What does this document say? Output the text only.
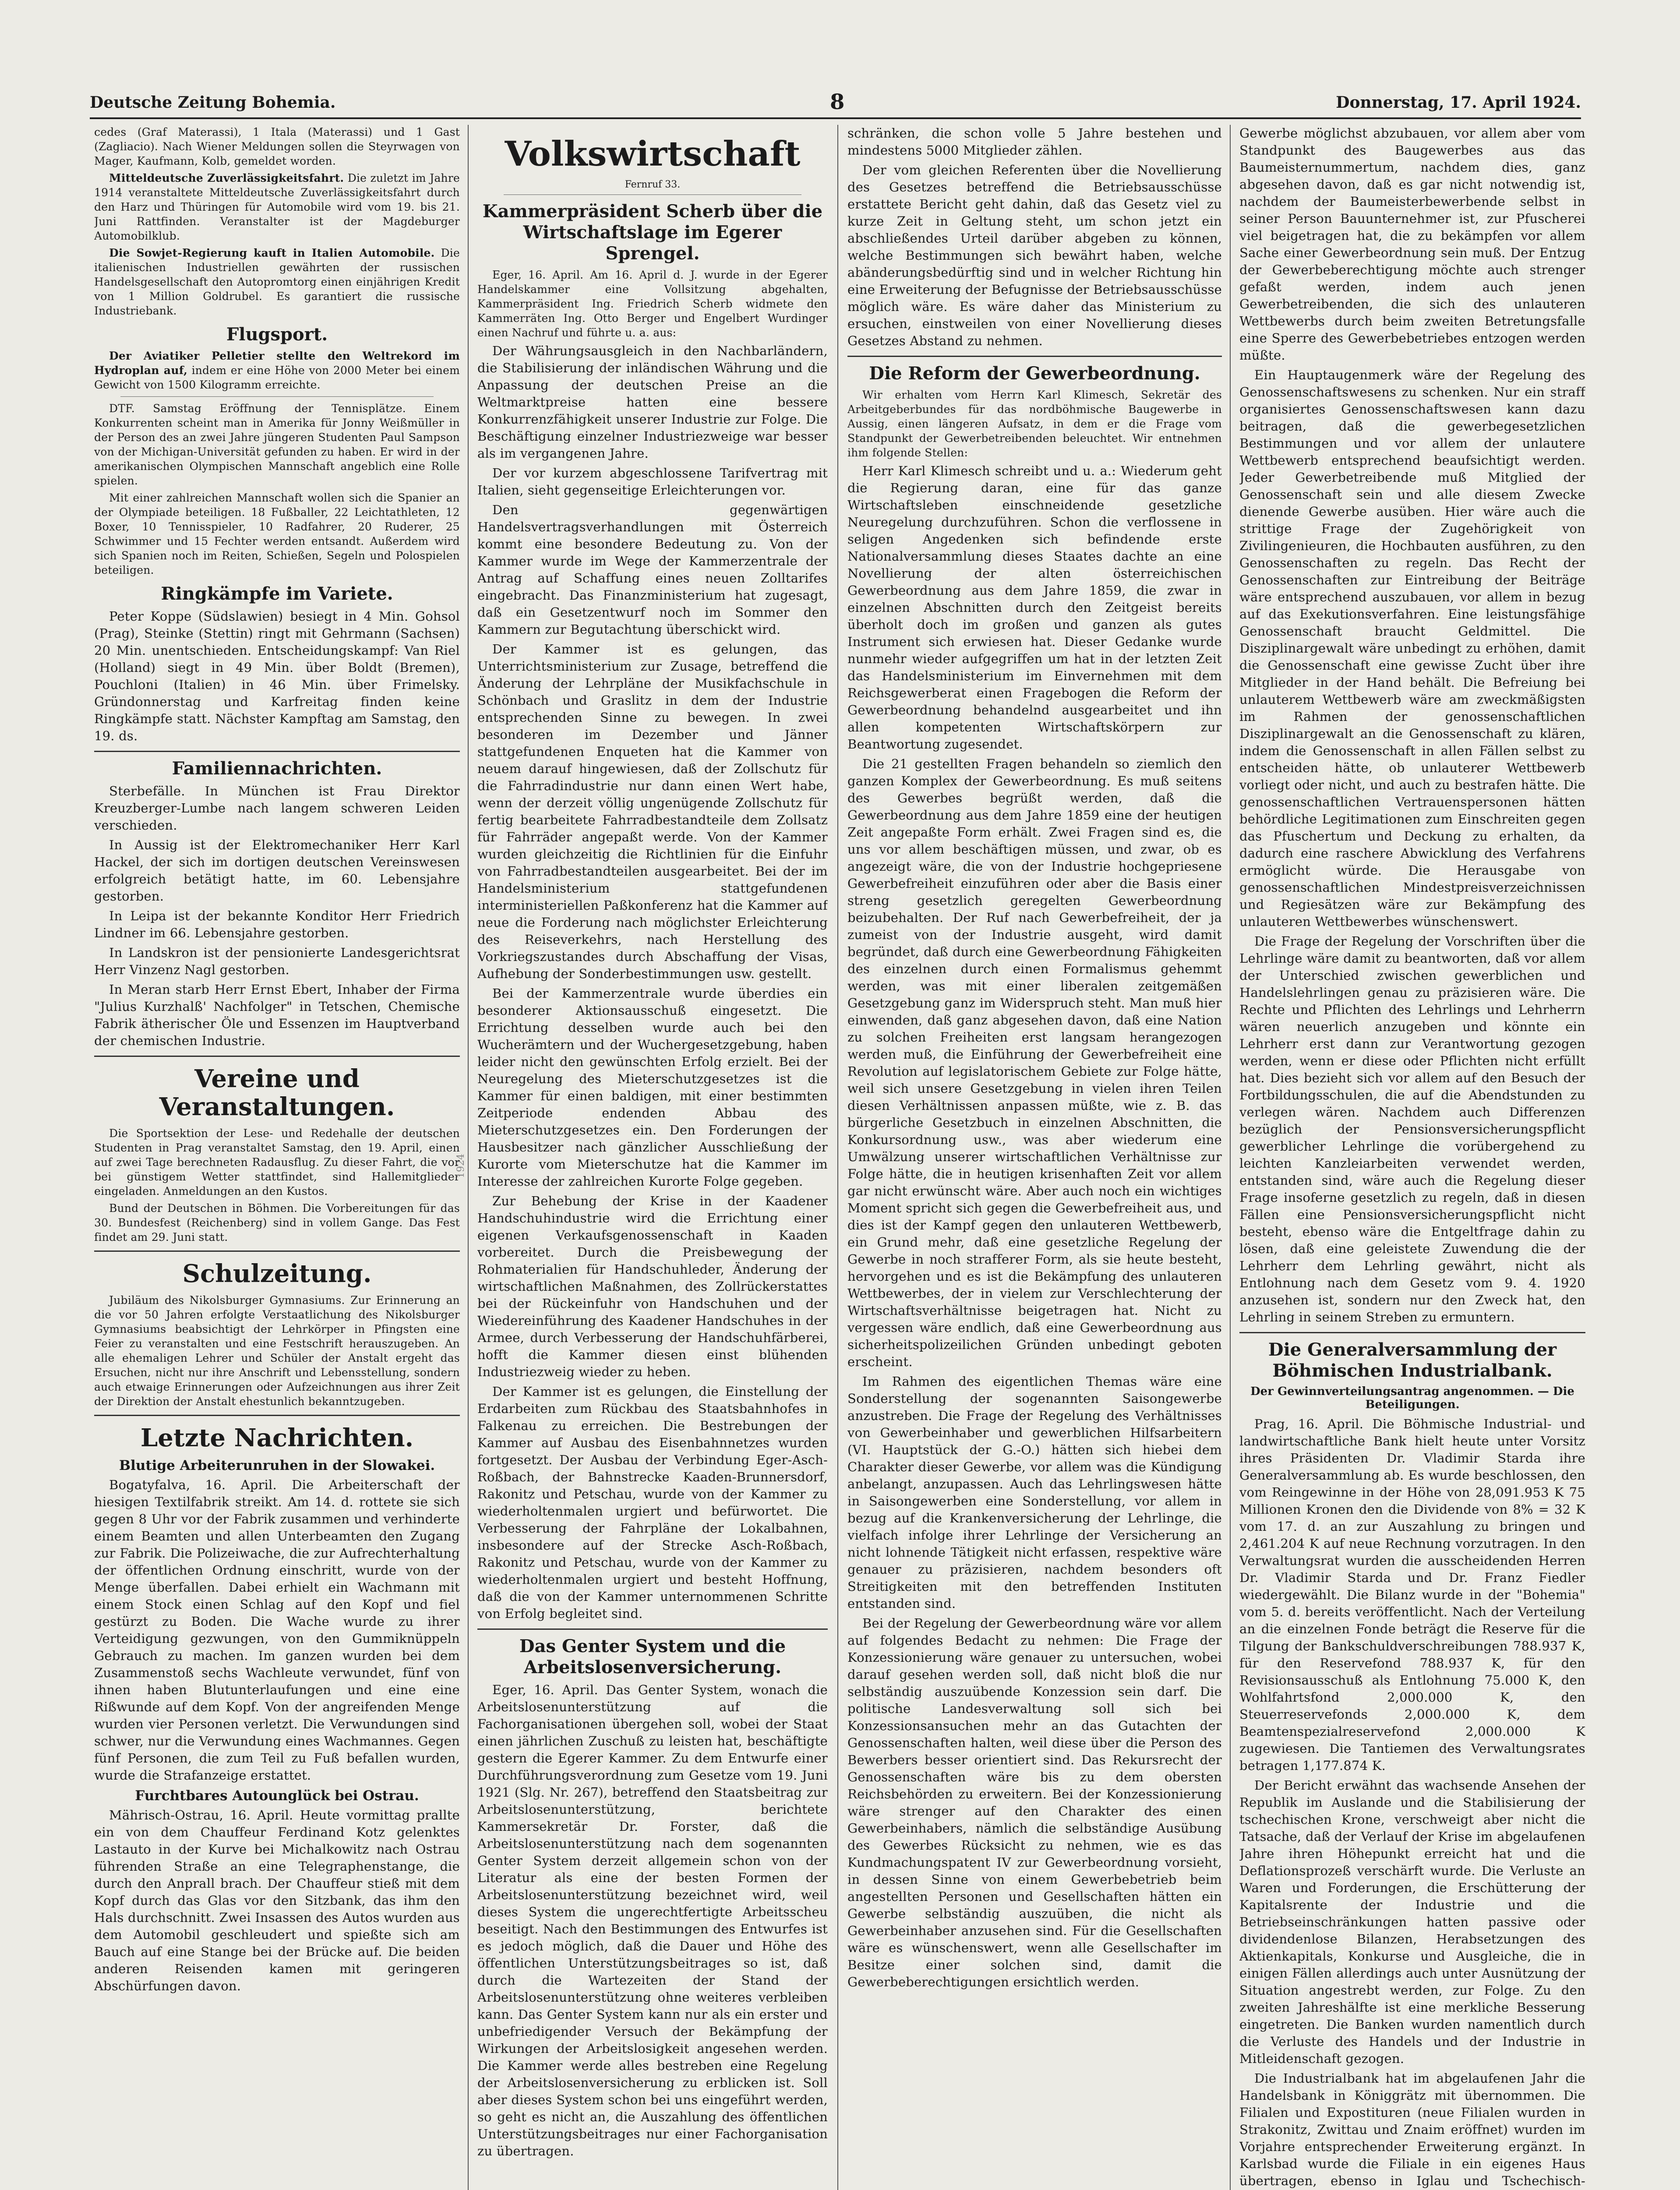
Deutsche Zeitung Bohemia.	8	Donnerstag, 17. April 1924.

cedes (Graf Materassi), 1 Itala (Materassi) und 1 Gast (Zagliacio). Nach Wiener Meldungen sollen die Steyrwagen von Mager, Kaufmann, Kolb, gemeldet worden.

Mitteldeutsche Zuverlässigkeitsfahrt. Die zuletzt im Jahre 1914 veranstaltete Mitteldeutsche Zuverlässigkeitsfahrt durch den Harz und Thüringen für Automobile wird vom 19. bis 21. Juni Rattfinden. Veranstalter ist der Magdeburger Automobilklub.

Die Sowjet-Regierung kauft in Italien Automobile. Die italienischen Industriellen gewährten der russischen Handelsgesellschaft den Autopromtorg einen einjährigen Kredit von 1 Million Goldrubel. Es garantiert die russische Industriebank.

Flugsport.

Der Aviatiker Pelletier stellte den Weltrekord im Hydroplan auf, indem er eine Höhe von 2000 Meter bei einem Gewicht von 1500 Kilogramm erreichte.

DTF. Samstag Eröffnung der Tennisplätze. Einem Konkurrenten scheint man in Amerika für Jonny Weißmüller in der Person des an zwei Jahre jüngeren Studenten Paul Sampson von der Michigan-Universität gefunden zu haben. Er wird in der amerikanischen Olympischen Mannschaft angeblich eine Rolle spielen.

Mit einer zahlreichen Mannschaft wollen sich die Spanier an der Olympiade beteiligen. 18 Fußballer, 22 Leichtathleten, 12 Boxer, 10 Tennisspieler, 10 Radfahrer, 20 Ruderer, 25 Schwimmer und 15 Fechter werden entsandt. Außerdem wird sich Spanien noch im Reiten, Schießen, Segeln und Polospielen beteiligen.

Ringkämpfe im Variete.

Peter Koppe (Südslawien) besiegt in 4 Min. Gohsol (Prag), Steinke (Stettin) ringt mit Gehrmann (Sachsen) 20 Min. unentschieden. Entscheidungskampf: Van Riel (Holland) siegt in 49 Min. über Boldt (Bremen), Pouchloni (Italien) in 46 Min. über Frimelsky. Gründonnerstag und Karfreitag finden keine Ringkämpfe statt. Nächster Kampftag am Samstag, den 19. ds.

Familiennachrichten.

Sterbefälle. In München ist Frau Direktor Kreuzberger-Lumbe nach langem schweren Leiden verschieden.

In Aussig ist der Elektromechaniker Herr Karl Hackel, der sich im dortigen deutschen Vereinswesen erfolgreich betätigt hatte, im 60. Lebensjahre gestorben.

In Leipa ist der bekannte Konditor Herr Friedrich Lindner im 66. Lebensjahre gestorben.

In Landskron ist der pensionierte Landesgerichtsrat Herr Vinzenz Nagl gestorben.

In Meran starb Herr Ernst Ebert, Inhaber der Firma "Julius Kurzhalß' Nachfolger" in Tetschen, Chemische Fabrik ätherischer Öle und Essenzen im Hauptverband der chemischen Industrie.

Vereine und Veranstaltungen.

Die Sportsektion der Lese- und Redehalle der deutschen Studenten in Prag veranstaltet Samstag, den 19. April, einen auf zwei Tage berechneten Radausflug. Zu dieser Fahrt, die vor bei günstigem Wetter stattfindet, sind Hallemitglieder eingeladen. Anmeldungen an den Kustos.

Bund der Deutschen in Böhmen. Die Vorbereitungen für das 30. Bundesfest (Reichenberg) sind in vollem Gange. Das Fest findet am 29. Juni statt.

Schulzeitung.

Jubiläum des Nikolsburger Gymnasiums. Zur Erinnerung an die vor 50 Jahren erfolgte Verstaatlichung des Nikolsburger Gymnasiums beabsichtigt der Lehrkörper in Pfingsten eine Feier zu veranstalten und eine Festschrift herauszugeben. An alle ehemaligen Lehrer und Schüler der Anstalt ergeht das Ersuchen, nicht nur ihre Anschrift und Lebensstellung, sondern auch etwaige Erinnerungen oder Aufzeichnungen aus ihrer Zeit der Direktion der Anstalt ehestunlich bekanntzugeben.

Letzte Nachrichten.
Blutige Arbeiterunruhen in der Slowakei.

Bogatyfalva, 16. April. Die Arbeiterschaft der hiesigen Textilfabrik streikt. Am 14. d. rottete sie sich gegen 8 Uhr vor der Fabrik zusammen und verhinderte einem Beamten und allen Unterbeamten den Zugang zur Fabrik. Die Polizeiwache, die zur Aufrechterhaltung der öffentlichen Ordnung einschritt, wurde von der Menge überfallen. Dabei erhielt ein Wachmann mit einem Stock einen Schlag auf den Kopf und fiel gestürzt zu Boden. Die Wache wurde zu ihrer Verteidigung gezwungen, von den Gummiknüppeln Gebrauch zu machen. Im ganzen wurden bei dem Zusammenstoß sechs Wachleute verwundet, fünf von ihnen haben Blutunterlaufungen und eine eine Rißwunde auf dem Kopf. Von der angreifenden Menge wurden vier Personen verletzt. Die Verwundungen sind schwer, nur die Verwundung eines Wachmannes. Gegen fünf Personen, die zum Teil zu Fuß befallen wurden, wurde die Strafanzeige erstattet.

Furchtbares Autounglück bei Ostrau.

Mährisch-Ostrau, 16. April. Heute vormittag prallte ein von dem Chauffeur Ferdinand Kotz gelenktes Lastauto in der Kurve bei Michalkowitz nach Ostrau führenden Straße an eine Telegraphenstange, die durch den Anprall brach. Der Chauffeur stieß mit dem Kopf durch das Glas vor den Sitzbank, das ihm den Hals durchschnitt. Zwei Insassen des Autos wurden aus dem Automobil geschleudert und spießte sich am Bauch auf eine Stange bei der Brücke auf. Die beiden anderen Reisenden kamen mit geringeren Abschürfungen davon.

Volkswirtschaft
Fernruf 33.
Kammerpräsident Scherb über die Wirtschaftslage im Egerer Sprengel.

Eger, 16. April. Am 16. April d. J. wurde in der Egerer Handelskammer eine Vollsitzung abgehalten, Kammerpräsident Ing. Friedrich Scherb widmete den Kammerräten Ing. Otto Berger und Engelbert Wurdinger einen Nachruf und führte u. a. aus:

Der Währungsausgleich in den Nachbarländern, die Stabilisierung der inländischen Währung und die Anpassung der deutschen Preise an die Weltmarktpreise hatten eine bessere Konkurrenzfähigkeit unserer Industrie zur Folge. Die Beschäftigung einzelner Industriezweige war besser als im vergangenen Jahre.

Der vor kurzem abgeschlossene Tarifvertrag mit Italien, sieht gegenseitige Erleichterungen vor.

Den gegenwärtigen Handelsvertragsverhandlungen mit Österreich kommt eine besondere Bedeutung zu. Von der Kammer wurde im Wege der Kammerzentrale der Antrag auf Schaffung eines neuen Zolltarifes eingebracht. Das Finanzministerium hat zugesagt, daß ein Gesetzentwurf noch im Sommer den Kammern zur Begutachtung überschickt wird.

Der Kammer ist es gelungen, das Unterrichtsministerium zur Zusage, betreffend die Änderung der Lehrpläne der Musikfachschule in Schönbach und Graslitz in dem der Industrie entsprechenden Sinne zu bewegen. In zwei besonderen im Dezember und Jänner stattgefundenen Enqueten hat die Kammer von neuem darauf hingewiesen, daß der Zollschutz für die Fahrradindustrie nur dann einen Wert habe, wenn der derzeit völlig ungenügende Zollschutz für fertig bearbeitete Fahrradbestandteile dem Zollsatz für Fahrräder angepaßt werde. Von der Kammer wurden gleichzeitig die Richtlinien für die Einfuhr von Fahrradbestandteilen ausgearbeitet. Bei der im Handelsministerium stattgefundenen interministeriellen Paßkonferenz hat die Kammer auf neue die Forderung nach möglichster Erleichterung des Reiseverkehrs, nach Herstellung des Vorkriegszustandes durch Abschaffung der Visas, Aufhebung der Sonderbestimmungen usw. gestellt.

Bei der Kammerzentrale wurde überdies ein besonderer Aktionsausschuß eingesetzt. Die Errichtung desselben wurde auch bei den Wucherämtern und der Wuchergesetzgebung, haben leider nicht den gewünschten Erfolg erzielt. Bei der Neuregelung des Mieterschutzgesetzes ist die Kammer für einen baldigen, mit einer bestimmten Zeitperiode endenden Abbau des Mieterschutzgesetzes ein. Den Forderungen der Hausbesitzer nach gänzlicher Ausschließung der Kurorte vom Mieterschutze hat die Kammer im Interesse der zahlreichen Kurorte Folge gegeben.

Zur Behebung der Krise in der Kaadener Handschuhindustrie wird die Errichtung einer eigenen Verkaufsgenossenschaft in Kaaden vorbereitet. Durch die Preisbewegung der Rohmaterialien für Handschuhleder, Änderung der wirtschaftlichen Maßnahmen, des Zollrückerstattes bei der Rückeinfuhr von Handschuhen und der Wiedereinführung des Kaadener Handschuhes in der Armee, durch Verbesserung der Handschuhfärberei, hofft die Kammer diesen einst blühenden Industriezweig wieder zu heben.

Der Kammer ist es gelungen, die Einstellung der Erdarbeiten zum Rückbau des Staatsbahnhofes in Falkenau zu erreichen. Die Bestrebungen der Kammer auf Ausbau des Eisenbahnnetzes wurden fortgesetzt. Der Ausbau der Verbindung Eger-Asch-Roßbach, der Bahnstrecke Kaaden-Brunnersdorf, Rakonitz und Petschau, wurde von der Kammer zu wiederholtenmalen urgiert und befürwortet. Die Verbesserung der Fahrpläne der Lokalbahnen, insbesondere auf der Strecke Asch-Roßbach, Rakonitz und Petschau, wurde von der Kammer zu wiederholtenmalen urgiert und besteht Hoffnung, daß die von der Kammer unternommenen Schritte von Erfolg begleitet sind.

Das Genter System und die Arbeitslosenversicherung.

Eger, 16. April. Das Genter System, wonach die Arbeitslosenunterstützung auf die Fachorganisationen übergehen soll, wobei der Staat einen jährlichen Zuschuß zu leisten hat, beschäftigte gestern die Egerer Kammer. Zu dem Entwurfe einer Durchführungsverordnung zum Gesetze vom 19. Juni 1921 (Slg. Nr. 267), betreffend den Staatsbeitrag zur Arbeitslosenunterstützung, berichtete Kammersekretär Dr. Forster, daß die Arbeitslosenunterstützung nach dem sogenannten Genter System derzeit allgemein schon von der Literatur als eine der besten Formen der Arbeitslosenunterstützung bezeichnet wird, weil dieses System die ungerechtfertigte Arbeitsscheu beseitigt. Nach den Bestimmungen des Entwurfes ist es jedoch möglich, daß die Dauer und Höhe des öffentlichen Unterstützungsbeitrages so ist, daß durch die Wartezeiten der Stand der Arbeitslosenunterstützung ohne weiteres verbleiben kann. Das Genter System kann nur als ein erster und unbefriedigender Versuch der Bekämpfung der Wirkungen der Arbeitslosigkeit angesehen werden. Die Kammer werde alles bestreben eine Regelung der Arbeitslosenversicherung zu erblicken ist. Soll aber dieses System schon bei uns eingeführt werden, so geht es nicht an, die Auszahlung des öffentlichen Unterstützungsbeitrages nur einer Fachorganisation zu übertragen.

1924

schränken, die schon volle 5 Jahre bestehen und mindestens 5000 Mitglieder zählen.

Der vom gleichen Referenten über die Novellierung des Gesetzes betreffend die Betriebsausschüsse erstattete Bericht geht dahin, daß das Gesetz viel zu kurze Zeit in Geltung steht, um schon jetzt ein abschließendes Urteil darüber abgeben zu können, welche Bestimmungen sich bewährt haben, welche abänderungsbedürftig sind und in welcher Richtung hin eine Erweiterung der Befugnisse der Betriebsausschüsse möglich wäre. Es wäre daher das Ministerium zu ersuchen, einstweilen von einer Novellierung dieses Gesetzes Abstand zu nehmen.

Die Reform der Gewerbeordnung.

Wir erhalten vom Herrn Karl Klimesch, Sekretär des Arbeitgeberbundes für das nordböhmische Baugewerbe in Aussig, einen längeren Aufsatz, in dem er die Frage vom Standpunkt der Gewerbetreibenden beleuchtet. Wir entnehmen ihm folgende Stellen:

Herr Karl Klimesch schreibt und u. a.: Wiederum geht die Regierung daran, eine für das ganze Wirtschaftsleben einschneidende gesetzliche Neuregelung durchzuführen. Schon die verflossene in seligen Angedenken sich befindende erste Nationalversammlung dieses Staates dachte an eine Novellierung der alten österreichischen Gewerbeordnung aus dem Jahre 1859, die zwar in einzelnen Abschnitten durch den Zeitgeist bereits überholt doch im großen und ganzen als gutes Instrument sich erwiesen hat. Dieser Gedanke wurde nunmehr wieder aufgegriffen um hat in der letzten Zeit das Handelsministerium im Einvernehmen mit dem Reichsgewerberat einen Fragebogen die Reform der Gewerbeordnung behandelnd ausgearbeitet und ihn allen kompetenten Wirtschaftskörpern zur Beantwortung zugesendet.

Die 21 gestellten Fragen behandeln so ziemlich den ganzen Komplex der Gewerbeordnung. Es muß seitens des Gewerbes begrüßt werden, daß die Gewerbeordnung aus dem Jahre 1859 eine der heutigen Zeit angepaßte Form erhält. Zwei Fragen sind es, die uns vor allem beschäftigen müssen, und zwar, ob es angezeigt wäre, die von der Industrie hochgepriesene Gewerbefreiheit einzuführen oder aber die Basis einer streng gesetzlich geregelten Gewerbeordnung beizubehalten. Der Ruf nach Gewerbefreiheit, der ja zumeist von der Industrie ausgeht, wird damit begründet, daß durch eine Gewerbeordnung Fähigkeiten des einzelnen durch einen Formalismus gehemmt werden, was mit einer liberalen zeitgemäßen Gesetzgebung ganz im Widerspruch steht. Man muß hier einwenden, daß ganz abgesehen davon, daß eine Nation zu solchen Freiheiten erst langsam herangezogen werden muß, die Einführung der Gewerbefreiheit eine Revolution auf legislatorischem Gebiete zur Folge hätte, weil sich unsere Gesetzgebung in vielen ihren Teilen diesen Verhältnissen anpassen müßte, wie z. B. das bürgerliche Gesetzbuch in einzelnen Abschnitten, die Konkursordnung usw., was aber wiederum eine Umwälzung unserer wirtschaftlichen Verhältnisse zur Folge hätte, die in heutigen krisenhaften Zeit vor allem gar nicht erwünscht wäre. Aber auch noch ein wichtiges Moment spricht sich gegen die Gewerbefreiheit aus, und dies ist der Kampf gegen den unlauteren Wettbewerb, ein Grund mehr, daß eine gesetzliche Regelung der Gewerbe in noch strafferer Form, als sie heute besteht, hervorgehen und es ist die Bekämpfung des unlauteren Wettbewerbes, der in vielem zur Verschlechterung der Wirtschaftsverhältnisse beigetragen hat. Nicht zu vergessen wäre endlich, daß eine Gewerbeordnung aus sicherheitspolizeilichen Gründen unbedingt geboten erscheint.

Im Rahmen des eigentlichen Themas wäre eine Sonderstellung der sogenannten Saisongewerbe anzustreben. Die Frage der Regelung des Verhältnisses von Gewerbeinhaber und gewerblichen Hilfsarbeitern (VI. Hauptstück der G.-O.) hätten sich hiebei dem Charakter dieser Gewerbe, vor allem was die Kündigung anbelangt, anzupassen. Auch das Lehrlingswesen hätte in Saisongewerben eine Sonderstellung, vor allem in bezug auf die Krankenversicherung der Lehrlinge, die vielfach infolge ihrer Lehrlinge der Versicherung an nicht lohnende Tätigkeit nicht erfassen, respektive wäre genauer zu präzisieren, nachdem besonders oft Streitigkeiten mit den betreffenden Instituten entstanden sind.

Bei der Regelung der Gewerbeordnung wäre vor allem auf folgendes Bedacht zu nehmen: Die Frage der Konzessionierung wäre genauer zu untersuchen, wobei darauf gesehen werden soll, daß nicht bloß die nur selbständig auszuübende Konzession sein darf. Die politische Landesverwaltung soll sich bei Konzessionsansuchen mehr an das Gutachten der Genossenschaften halten, weil diese über die Person des Bewerbers besser orientiert sind. Das Rekursrecht der Genossenschaften wäre bis zu dem obersten Reichsbehörden zu erweitern. Bei der Konzessionierung wäre strenger auf den Charakter des einen Gewerbeinhabers, nämlich die selbständige Ausübung des Gewerbes Rücksicht zu nehmen, wie es das Kundmachungspatent IV zur Gewerbeordnung vorsieht, in dessen Sinne von einem Gewerbebetrieb beim angestellten Personen und Gesellschaften hätten ein Gewerbe selbständig auszuüben, die nicht als Gewerbeinhaber anzusehen sind. Für die Gesellschaften wäre es wünschenswert, wenn alle Gesellschafter im Besitze einer solchen sind, damit die Gewerbeberechtigungen ersichtlich werden.

Gewerbe möglichst abzubauen, vor allem aber vom Standpunkt des Baugewerbes aus das Baumeisternummertum, nachdem dies, ganz abgesehen davon, daß es gar nicht notwendig ist, nachdem der Baumeisterbewerbende selbst in seiner Person Bauunternehmer ist, zur Pfuscherei viel beigetragen hat, die zu bekämpfen vor allem Sache einer Gewerbeordnung sein muß. Der Entzug der Gewerbeberechtigung möchte auch strenger gefaßt werden, indem auch jenen Gewerbetreibenden, die sich des unlauteren Wettbewerbs durch beim zweiten Betretungsfalle eine Sperre des Gewerbebetriebes entzogen werden müßte.

Ein Hauptaugenmerk wäre der Regelung des Genossenschaftswesens zu schenken. Nur ein straff organisiertes Genossenschaftswesen kann dazu beitragen, daß die gewerbegesetzlichen Bestimmungen und vor allem der unlautere Wettbewerb entsprechend beaufsichtigt werden. Jeder Gewerbetreibende muß Mitglied der Genossenschaft sein und alle diesem Zwecke dienende Gewerbe ausüben. Hier wäre auch die strittige Frage der Zugehörigkeit von Zivilingenieuren, die Hochbauten ausführen, zu den Genossenschaften zu regeln. Das Recht der Genossenschaften zur Eintreibung der Beiträge wäre entsprechend auszubauen, vor allem in bezug auf das Exekutionsverfahren. Eine leistungsfähige Genossenschaft braucht Geldmittel. Die Disziplinargewalt wäre unbedingt zu erhöhen, damit die Genossenschaft eine gewisse Zucht über ihre Mitglieder in der Hand behält. Die Befreiung bei unlauterem Wettbewerb wäre am zweckmäßigsten im Rahmen der genossenschaftlichen Disziplinargewalt an die Genossenschaft zu klären, indem die Genossenschaft in allen Fällen selbst zu entscheiden hätte, ob unlauterer Wettbewerb vorliegt oder nicht, und auch zu bestrafen hätte. Die genossenschaftlichen Vertrauenspersonen hätten behördliche Legitimationen zum Einschreiten gegen das Pfuschertum und Deckung zu erhalten, da dadurch eine raschere Abwicklung des Verfahrens ermöglicht würde. Die Herausgabe von genossenschaftlichen Mindestpreisverzeichnissen und Regiesätzen wäre zur Bekämpfung des unlauteren Wettbewerbes wünschenswert.

Die Frage der Regelung der Vorschriften über die Lehrlinge wäre damit zu beantworten, daß vor allem der Unterschied zwischen gewerblichen und Handelslehrlingen genau zu präzisieren wäre. Die Rechte und Pflichten des Lehrlings und Lehrherrn wären neuerlich anzugeben und könnte ein Lehrherr erst dann zur Verantwortung gezogen werden, wenn er diese oder Pflichten nicht erfüllt hat. Dies bezieht sich vor allem auf den Besuch der Fortbildungsschulen, die auf die Abendstunden zu verlegen wären. Nachdem auch Differenzen bezüglich der Pensionsversicherungspflicht gewerblicher Lehrlinge die vorübergehend zu leichten Kanzleiarbeiten verwendet werden, entstanden sind, wäre auch die Regelung dieser Frage insoferne gesetzlich zu regeln, daß in diesen Fällen eine Pensionsversicherungspflicht nicht besteht, ebenso wäre die Entgeltfrage dahin zu lösen, daß eine geleistete Zuwendung die der Lehrherr dem Lehrling gewährt, nicht als Entlohnung nach dem Gesetz vom 9. 4. 1920 anzusehen ist, sondern nur den Zweck hat, den Lehrling in seinem Streben zu ermuntern.

Die Generalversammlung der Böhmischen Industrialbank.
Der Gewinnverteilungsantrag angenommen. — Die Beteiligungen.

Prag, 16. April. Die Böhmische Industrial- und landwirtschaftliche Bank hielt heute unter Vorsitz ihres Präsidenten Dr. Vladimir Starda ihre Generalversammlung ab. Es wurde beschlossen, den vom Reingewinne in der Höhe von 28,091.953 K 75 Millionen Kronen den die Dividende von 8% = 32 K vom 17. d. an zur Auszahlung zu bringen und 2,461.204 K auf neue Rechnung vorzutragen. In den Verwaltungsrat wurden die ausscheidenden Herren Dr. Vladimir Starda und Dr. Franz Fiedler wiedergewählt. Die Bilanz wurde in der "Bohemia" vom 5. d. bereits veröffentlicht. Nach der Verteilung an die einzelnen Fonde beträgt die Reserve für die Tilgung der Bankschuldverschreibungen 788.937 K, für den Reservefond 788.937 K, für den Revisionsausschuß als Entlohnung 75.000 K, den Wohlfahrtsfond 2,000.000 K, den Steuerreservefonds 2,000.000 K, dem Beamtenspezialreservefond 2,000.000 K zugewiesen. Die Tantiemen des Verwaltungsrates betragen 1,177.874 K.

Der Bericht erwähnt das wachsende Ansehen der Republik im Auslande und die Stabilisierung der tschechischen Krone, verschweigt aber nicht die Tatsache, daß der Verlauf der Krise im abgelaufenen Jahre ihren Höhepunkt erreicht hat und die Deflationsprozeß verschärft wurde. Die Verluste an Waren und Forderungen, die Erschütterung der Kapitalsrente der Industrie und die Betriebseinschränkungen hatten passive oder dividendenlose Bilanzen, Herabsetzungen des Aktienkapitals, Konkurse und Ausgleiche, die in einigen Fällen allerdings auch unter Ausnützung der Situation angestrebt werden, zur Folge. Zu den zweiten Jahreshälfte ist eine merkliche Besserung eingetreten. Die Banken wurden namentlich durch die Verluste des Handels und der Industrie in Mitleidenschaft gezogen.

Die Industrialbank hat im abgelaufenen Jahr die Handelsbank in Königgrätz mit übernommen. Die Filialen und Expostituren (neue Filialen wurden in Strakonitz, Zwittau und Znaim eröffnet) wurden im Vorjahre entsprechender Erweiterung ergänzt. In Karlsbad wurde die Filiale in ein eigenes Haus übertragen, ebenso in Iglau und Tschechisch-
